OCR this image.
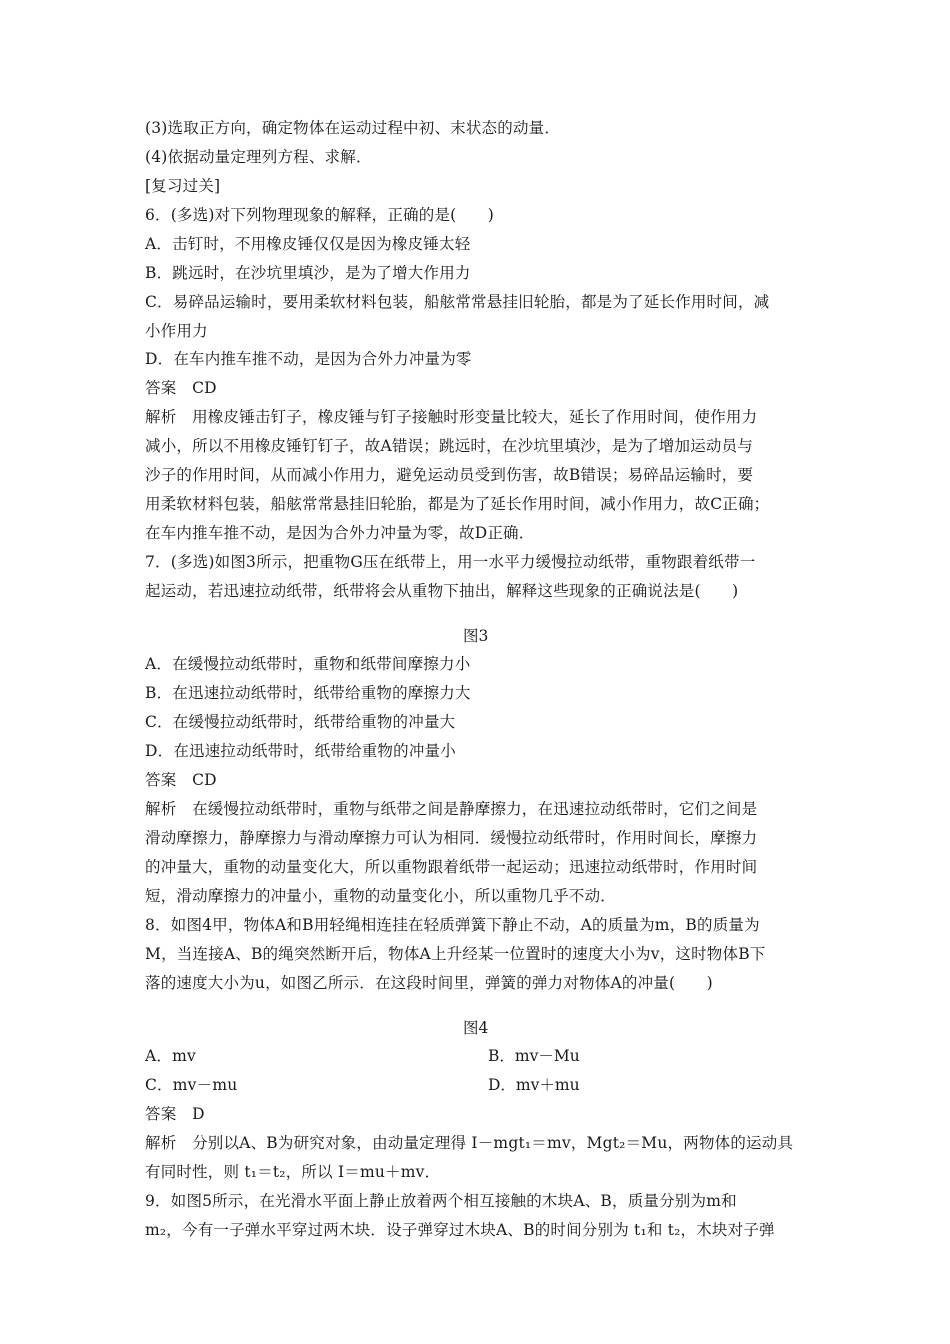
(3)选取正方向，确定物体在运动过程中初、末状态的动量．
(4)依据动量定理列方程、求解．
[复习过关]
6．(多选)对下列物理现象的解释，正确的是(　　)
A．击钉时，不用橡皮锤仅仅是因为橡皮锤太轻
B．跳远时，在沙坑里填沙，是为了增大作用力
C．易碎品运输时，要用柔软材料包装，船舷常常悬挂旧轮胎，都是为了延长作用时间，减
小作用力
D．在车内推车推不动，是因为合外力冲量为零
答案　CD
解析　用橡皮锤击钉子，橡皮锤与钉子接触时形变量比较大，延长了作用时间，使作用力
减小，所以不用橡皮锤钉钉子，故A错误；跳远时，在沙坑里填沙，是为了增加运动员与
沙子的作用时间，从而减小作用力，避免运动员受到伤害，故B错误；易碎品运输时，要
用柔软材料包装，船舷常常悬挂旧轮胎，都是为了延长作用时间，减小作用力，故C正确；
在车内推车推不动，是因为合外力冲量为零，故D正确．
7．(多选)如图3所示，把重物G压在纸带上，用一水平力缓慢拉动纸带，重物跟着纸带一
起运动，若迅速拉动纸带，纸带将会从重物下抽出，解释这些现象的正确说法是(　　)
图3
A．在缓慢拉动纸带时，重物和纸带间摩擦力小
B．在迅速拉动纸带时，纸带给重物的摩擦力大
C．在缓慢拉动纸带时，纸带给重物的冲量大
D．在迅速拉动纸带时，纸带给重物的冲量小
答案　CD
解析　在缓慢拉动纸带时，重物与纸带之间是静摩擦力，在迅速拉动纸带时，它们之间是
滑动摩擦力，静摩擦力与滑动摩擦力可认为相同．缓慢拉动纸带时，作用时间长，摩擦力
的冲量大，重物的动量变化大，所以重物跟着纸带一起运动；迅速拉动纸带时，作用时间
短，滑动摩擦力的冲量小，重物的动量变化小，所以重物几乎不动．
8．如图4甲，物体A和B用轻绳相连挂在轻质弹簧下静止不动，A的质量为m，B的质量为
M，当连接A、B的绳突然断开后，物体A上升经某一位置时的速度大小为v，这时物体B下
落的速度大小为u，如图乙所示．在这段时间里，弹簧的弹力对物体A的冲量(　　)
图4
A．mv	B．mv－Mu
C．mv－mu	D．mv＋mu
答案　D
解析　分别以A、B为研究对象，由动量定理得 I－mgt₁＝mv，Mgt₂＝Mu，两物体的运动具
有同时性，则 t₁＝t₂，所以 I＝mu＋mv．
9．如图5所示，在光滑水平面上静止放着两个相互接触的木块A、B，质量分别为m和
m₂，今有一子弹水平穿过两木块．设子弹穿过木块A、B的时间分别为 t₁和 t₂，木块对子弹
